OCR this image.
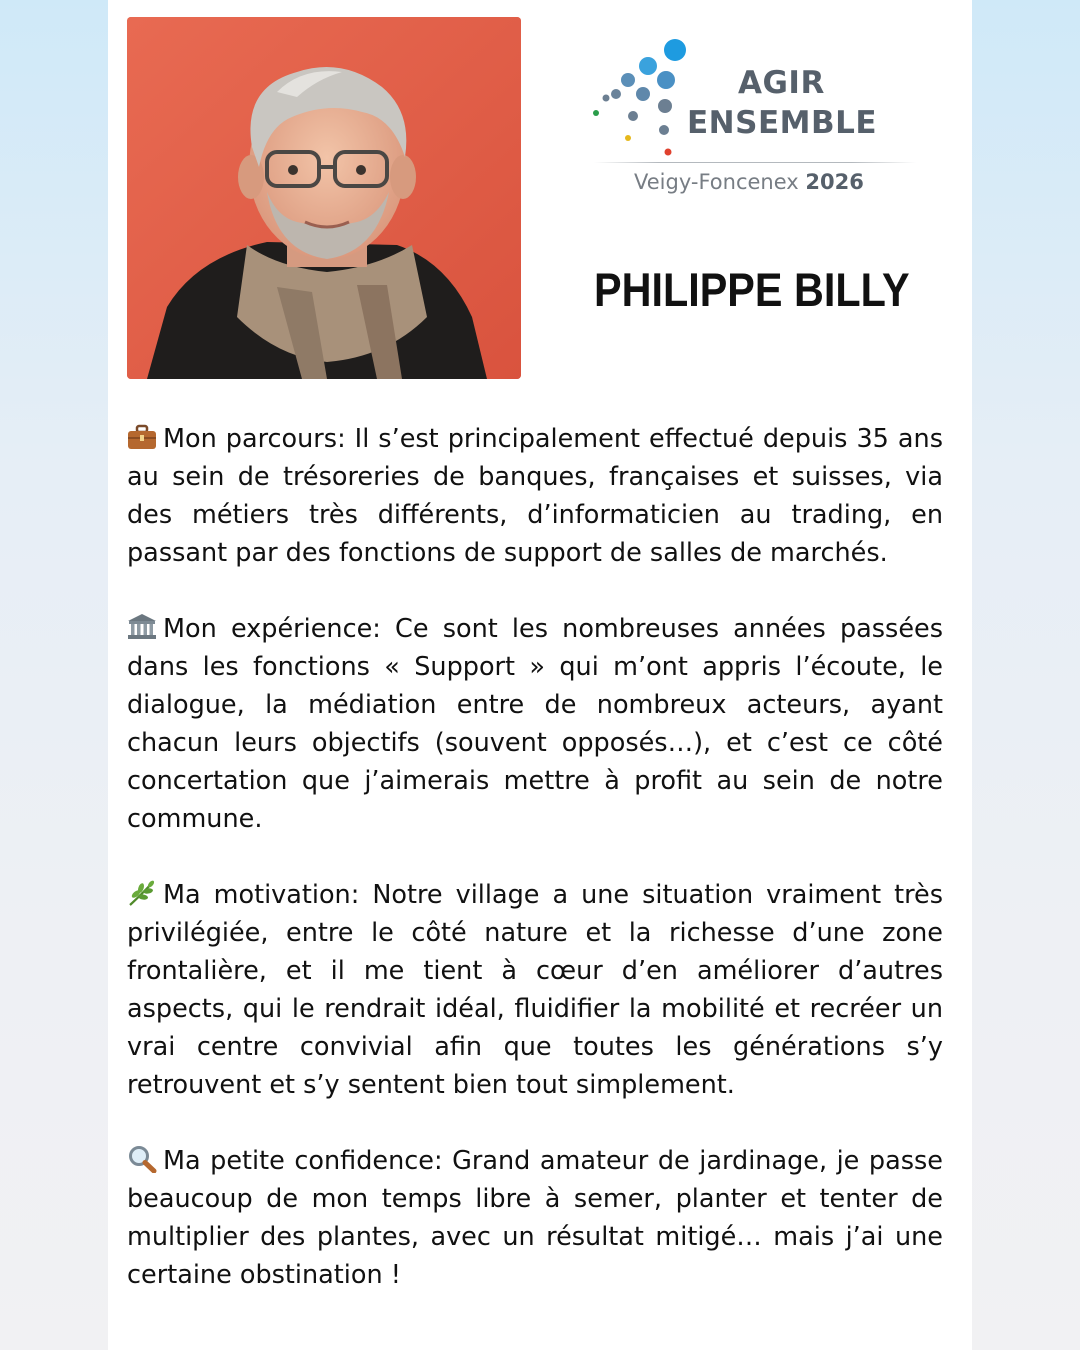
AGIR
ENSEMBLE
Veigy-Foncenex 2026
PHILIPPE BILLY

Mon parcours: Il s’est principalement effectué depuis 35 ans au sein de trésoreries de banques, françaises et suisses, via des métiers très différents, d’informaticien au trading, en passant par des fonctions de support de salles de marchés.

Mon expérience: Ce sont les nombreuses années passées dans les fonctions « Support » qui m’ont appris l’écoute, le dialogue, la médiation entre de nombreux acteurs, ayant chacun leurs objectifs (souvent opposés…), et c’est ce côté concertation que j’aimerais mettre à profit au sein de notre commune.

Ma motivation: Notre village a une situation vraiment très privilégiée, entre le côté nature et la richesse d’une zone frontalière, et il me tient à cœur d’en améliorer d’autres aspects, qui le rendrait idéal, fluidifier la mobilité et recréer un vrai centre convivial afin que toutes les générations s’y retrouvent et s’y sentent bien tout simplement.

Ma petite confidence: Grand amateur de jardinage, je passe beaucoup de mon temps libre à semer, planter et tenter de multiplier des plantes, avec un résultat mitigé… mais j’ai une certaine obstination !
